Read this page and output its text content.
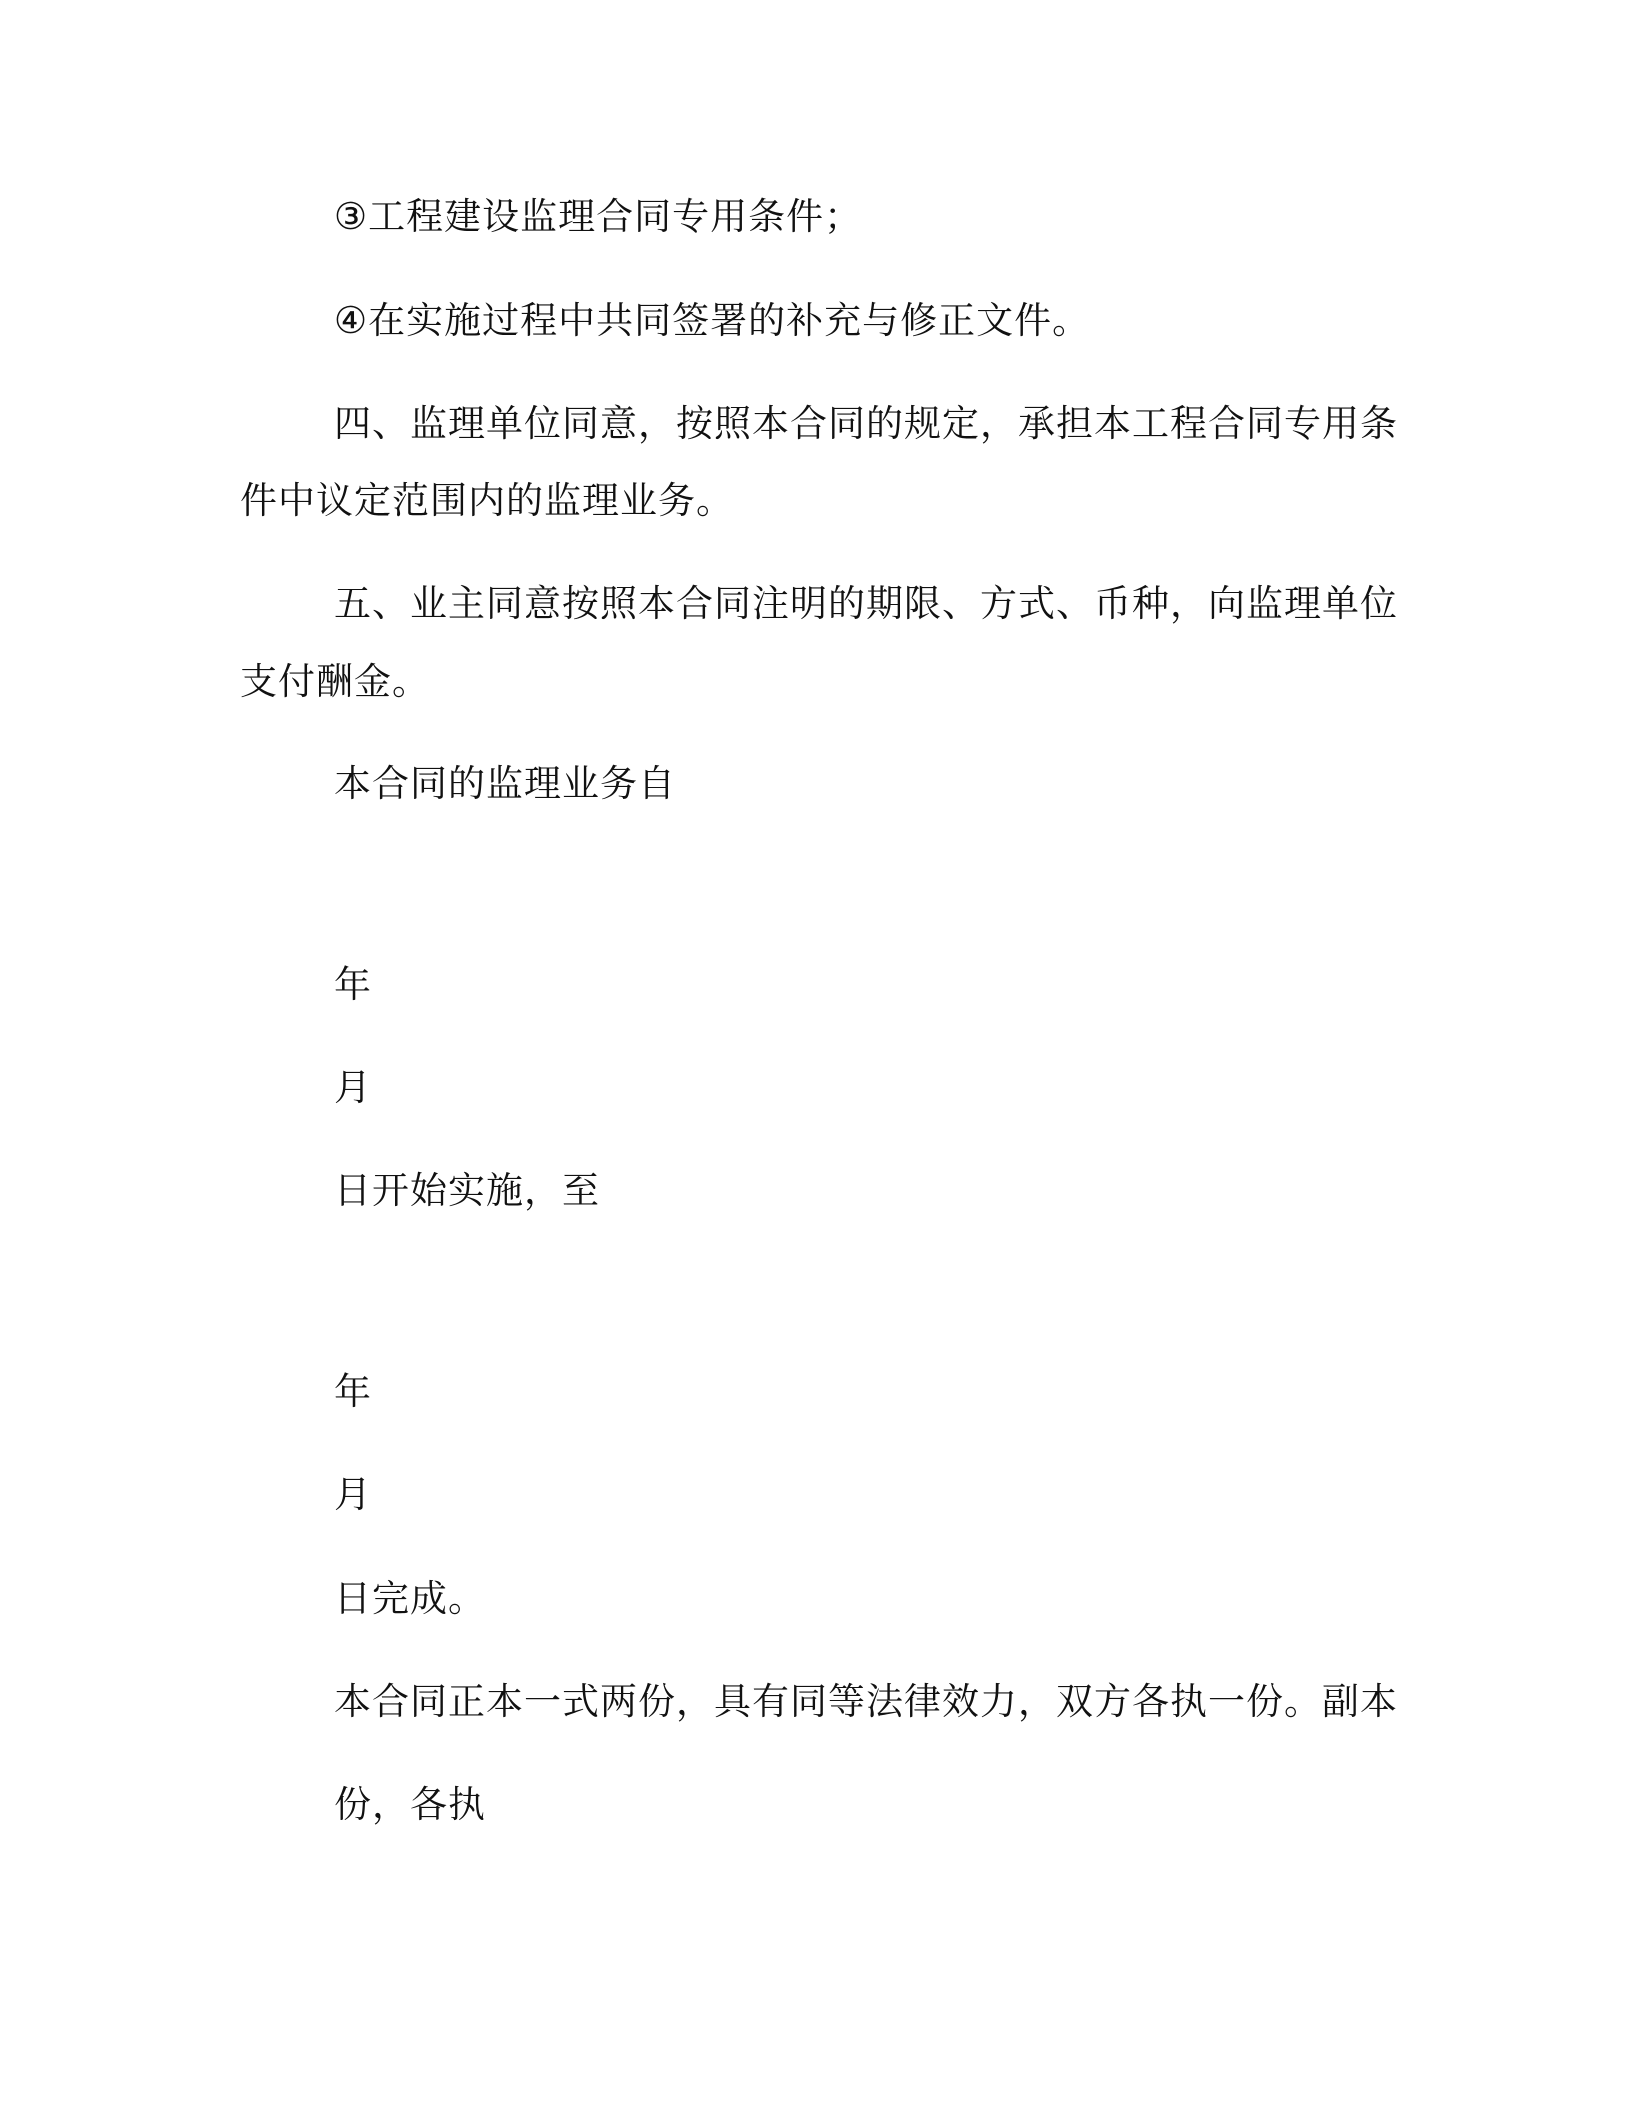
③工程建设监理合同专用条件；
④在实施过程中共同签署的补充与修正文件。
四、监理单位同意，按照本合同的规定，承担本工程合同专用条
件中议定范围内的监理业务。
五、业主同意按照本合同注明的期限、方式、币种，向监理单位
支付酬金。
本合同的监理业务自
年
月
日开始实施，至
年
月
日完成。
本合同正本一式两份，具有同等法律效力，双方各执一份。副本
份，各执
